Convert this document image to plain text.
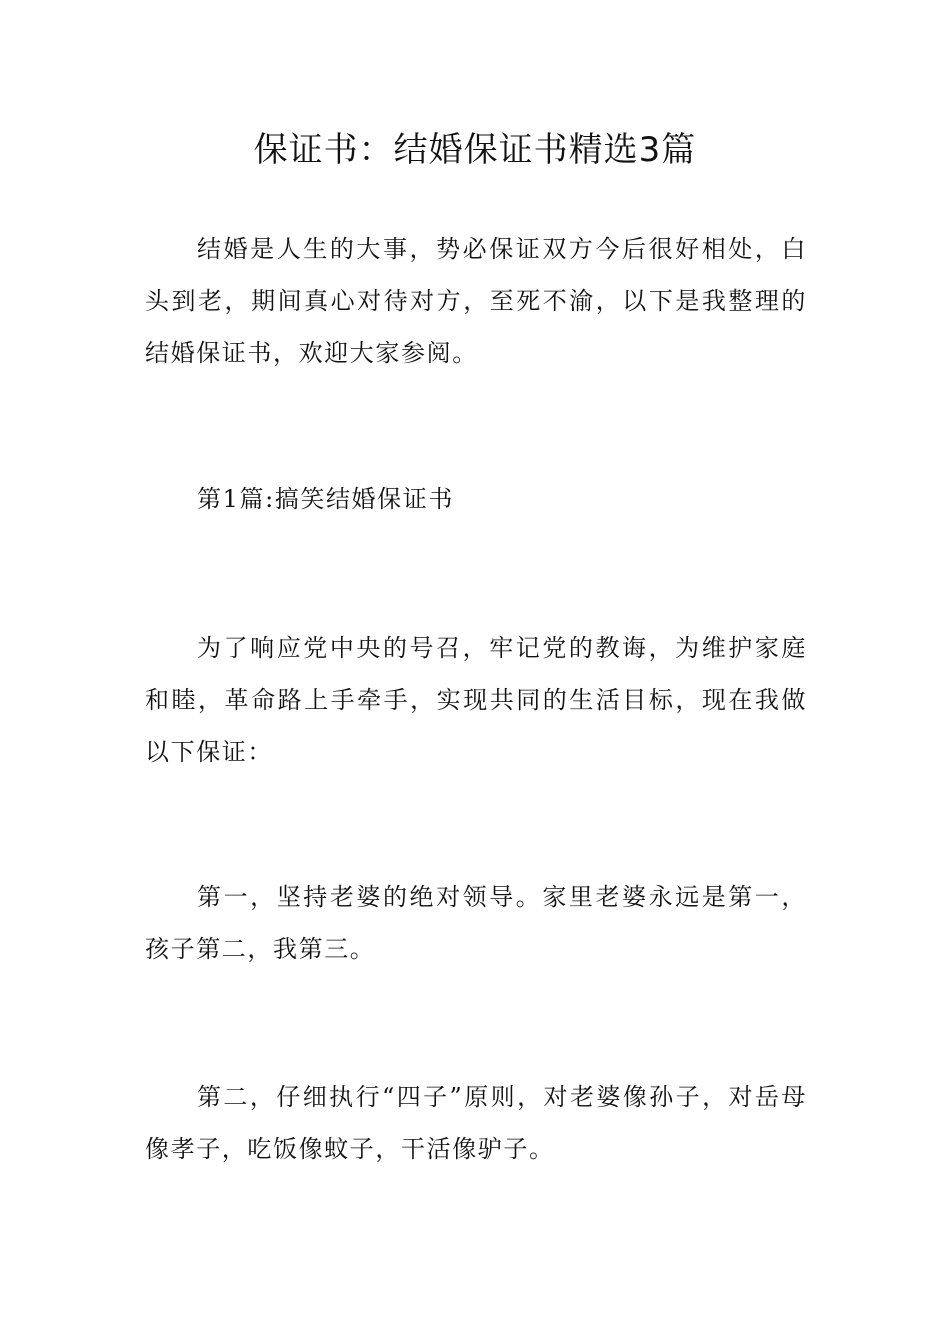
保证书：结婚保证书精选3篇

结婚是人生的大事，势必保证双方今后很好相处，白头到老，期间真心对待对方，至死不渝，以下是我整理的结婚保证书，欢迎大家参阅。

第1篇:搞笑结婚保证书

为了响应党中央的号召，牢记党的教诲，为维护家庭和睦，革命路上手牵手，实现共同的生活目标，现在我做以下保证：

第一，坚持老婆的绝对领导。家里老婆永远是第一，孩子第二，我第三。

第二，仔细执行“四子”原则，对老婆像孙子，对岳母像孝子，吃饭像蚊子，干活像驴子。
